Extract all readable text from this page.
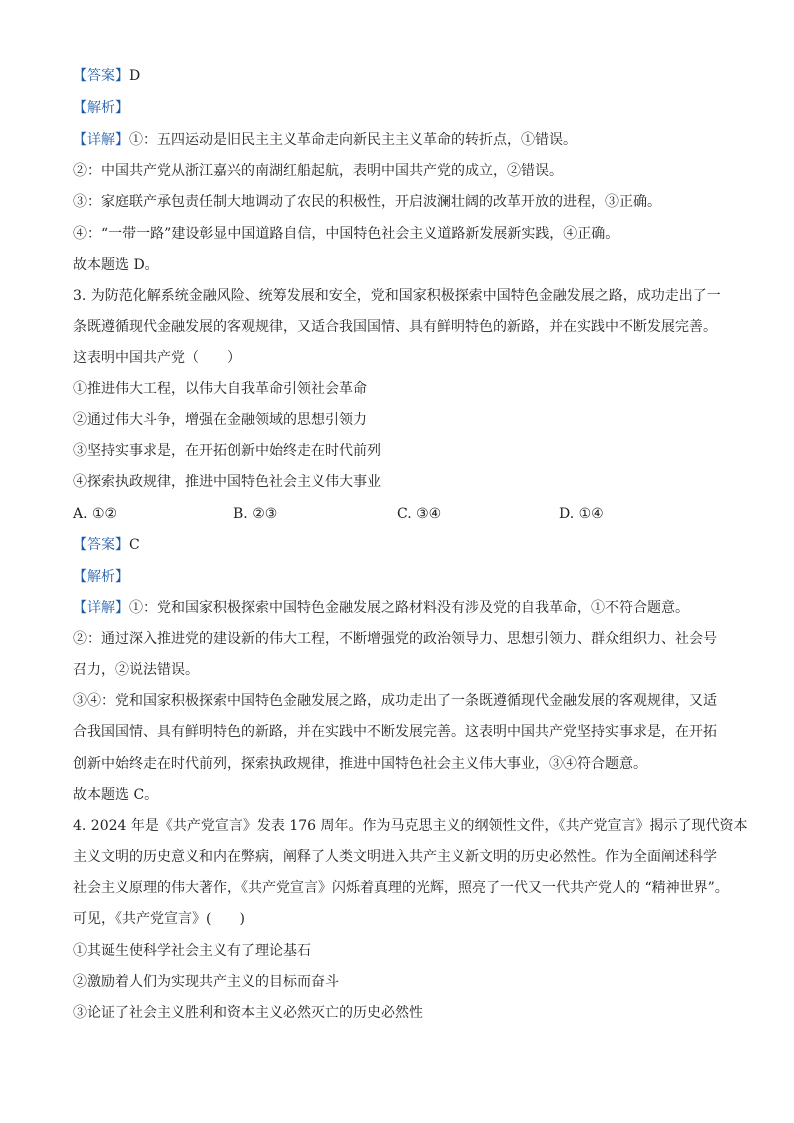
【答案】D
【解析】
【详解】①：五四运动是旧民主主义革命走向新民主主义革命的转折点，①错误。
②：中国共产党从浙江嘉兴的南湖红船起航，表明中国共产党的成立，②错误。
③：家庭联产承包责任制大地调动了农民的积极性，开启波澜壮阔的改革开放的进程，③正确。
④：“一带一路”建设彰显中国道路自信，中国特色社会主义道路新发展新实践，④正确。
故本题选 D。
3. 为防范化解系统金融风险、统筹发展和安全，党和国家积极探索中国特色金融发展之路，成功走出了一
条既遵循现代金融发展的客观规律，又适合我国国情、具有鲜明特色的新路，并在实践中不断发展完善。
这表明中国共产党（　　）
①推进伟大工程，以伟大自我革命引领社会革命
②通过伟大斗争，增强在金融领域的思想引领力
③坚持实事求是，在开拓创新中始终走在时代前列
④探索执政规律，推进中国特色社会主义伟大事业
A. ①②	B. ②③	C. ③④	D. ①④
【答案】C
【解析】
【详解】①：党和国家积极探索中国特色金融发展之路材料没有涉及党的自我革命，①不符合题意。
②：通过深入推进党的建设新的伟大工程，不断增强党的政治领导力、思想引领力、群众组织力、社会号
召力，②说法错误。
③④：党和国家积极探索中国特色金融发展之路，成功走出了一条既遵循现代金融发展的客观规律，又适
合我国国情、具有鲜明特色的新路，并在实践中不断发展完善。这表明中国共产党坚持实事求是，在开拓
创新中始终走在时代前列，探索执政规律，推进中国特色社会主义伟大事业，③④符合题意。
故本题选 C。
4. 2024 年是《共产党宣言》发表 176 周年。作为马克思主义的纲领性文件，《共产党宣言》揭示了现代资本
主义文明的历史意义和内在弊病，阐释了人类文明进入共产主义新文明的历史必然性。作为全面阐述科学
社会主义原理的伟大著作，《共产党宣言》闪烁着真理的光辉，照亮了一代又一代共产党人的 “精神世界”。
可见，《共产党宣言》(　　)
①其诞生使科学社会主义有了理论基石
②激励着人们为实现共产主义的目标而奋斗
③论证了社会主义胜利和资本主义必然灭亡的历史必然性
